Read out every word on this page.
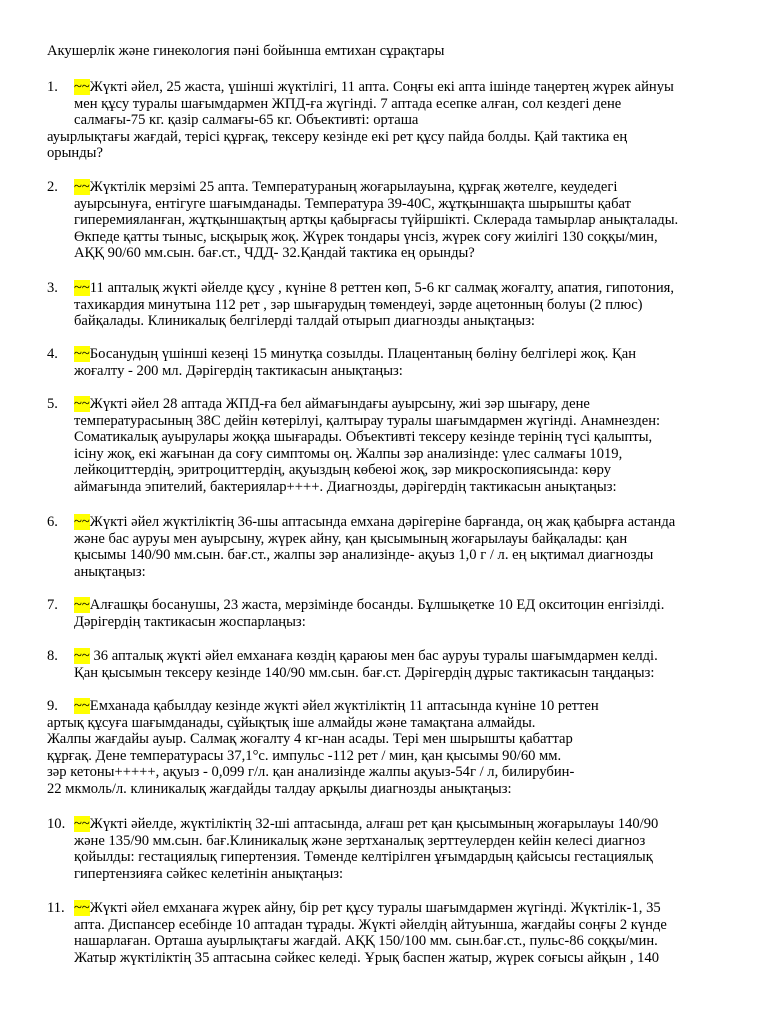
Акушерлік және гинекология пәні бойынша емтихан сұрақтары
1.	~~Жүкті әйел, 25 жаста, үшінші жүктілігі, 11 апта. Соңғы екі апта ішінде таңертең жүрек айнуы
мен құсу туралы шағымдармен ЖПД-ға жүгінді. 7 аптада есепке алған, сол кездегі дене
салмағы-75 кг. қазір салмағы-65 кг. Объективті: орташа
ауырлықтағы жағдай, терісі құрғақ, тексеру кезінде екі рет құсу пайда болды. Қай тактика ең
орынды?
2.	~~Жүктілік мерзімі 25 апта. Температураның жоғарылауына, құрғақ жөтелге, кеудедегі
ауырсынуға, ентігуге шағымданады. Температура 39-40С, жұтқыншақта шырышты қабат
гиперемияланған, жұтқыншақтың артқы қабырғасы түйіршікті. Склерада тамырлар анықталады.
Өкпеде қатты тыныс, ысқырық жоқ. Жүрек тондары үнсіз, жүрек соғу жиілігі 130 соққы/мин,
АҚҚ 90/60 мм.сын. бағ.ст., ЧДД- 32.Қандай тактика ең орынды?
3.	~~11 апталық жүкті әйелде құсу , күніне 8 реттен көп, 5-6 кг салмақ жоғалту, апатия, гипотония,
тахикардия минутына 112 рет , зәр шығарудың төмендеуі, зәрде ацетонның болуы (2 плюс)
байқалады. Клиникалық белгілерді талдай отырып диагнозды анықтаңыз:
4.	~~Босанудың үшінші кезеңі 15 минутқа созылды. Плацентаның бөліну белгілері жоқ. Қан
жоғалту - 200 мл. Дәрігердің тактикасын анықтаңыз:
5.	~~Жүкті әйел 28 аптада ЖПД-ға бел аймағындағы ауырсыну, жиі зәр шығару, дене
температурасының 38С дейін көтерілуі, қалтырау туралы шағымдармен жүгінді. Анамнезден:
Соматикалық ауырулары жоққа шығарады. Объективті тексеру кезінде терінің түсі қалыпты,
ісіну жоқ, екі жағынан да соғу симптомы оң. Жалпы зәр анализінде: үлес салмағы 1019,
лейкоциттердің, эритроциттердің, ақуыздың көбеюі жоқ, зәр микроскопиясында: көру
аймағында эпителий, бактериялар++++. Диагнозды, дәрігердің тактикасын анықтаңыз:
6.	~~Жүкті әйел жүктіліктің 36-шы аптасында емхана дәрігеріне барғанда, оң жақ қабырға астанда
және бас ауруы мен ауырсыну, жүрек айну, қан қысымының жоғарылауы байқалады: қан
қысымы 140/90 мм.сын. бағ.ст., жалпы зәр анализінде- ақуыз 1,0 г / л. ең ықтимал диагнозды
анықтаңыз:
7.	~~Алғашқы босанушы, 23 жаста, мерзімінде босанды. Бұлшықетке 10 ЕД окситоцин енгізілді.
Дәрігердің тактикасын жоспарлаңыз:
8.	~~ 36 апталық жүкті әйел емханаға көздің қараюы мен бас ауруы туралы шағымдармен келді.
Қан қысымын тексеру кезінде 140/90 мм.сын. бағ.ст. Дәрігердің дұрыс тактикасын таңдаңыз:
9.	~~Емханада қабылдау кезінде жүкті әйел жүктіліктің 11 аптасында күніне 10 реттен
артық құсуға шағымданады, сұйықтық іше алмайды және тамақтана алмайды.
Жалпы жағдайы ауыр. Салмақ жоғалту 4 кг-нан асады. Тері мен шырышты қабаттар
құрғақ. Дене температурасы 37,1°с. импульс -112 рет / мин, қан қысымы 90/60 мм.
зәр кетоны+++++, ақуыз - 0,099 г/л. қан анализінде жалпы ақуыз-54г / л, билирубин-
22 мкмоль/л. клиникалық жағдайды талдау арқылы диагнозды анықтаңыз:
10. ~~Жүкті әйелде, жүктіліктің 32-ші аптасында, алғаш рет қан қысымының жоғарылауы 140/90
және 135/90 мм.сын. бағ.Клиникалық және зертханалық зерттеулерден кейін келесі диагноз
қойылды: гестациялық гипертензия. Төменде келтірілген ұғымдардың қайсысы гестациялық
гипертензияға сәйкес келетінін анықтаңыз:
11. ~~Жүкті әйел емханаға жүрек айну, бір рет құсу туралы шағымдармен жүгінді. Жүктілік-1, 35
апта. Диспансер есебінде 10 аптадан тұрады. Жүкті әйелдің айтуынша, жағдайы соңғы 2 күнде
нашарлаған. Орташа ауырлықтағы жағдай. АҚҚ 150/100 мм. сын.бағ.ст., пульс-86 соққы/мин.
Жатыр жүктіліктің 35 аптасына сәйкес келеді. Ұрық баспен жатыр, жүрек соғысы айқын , 140
